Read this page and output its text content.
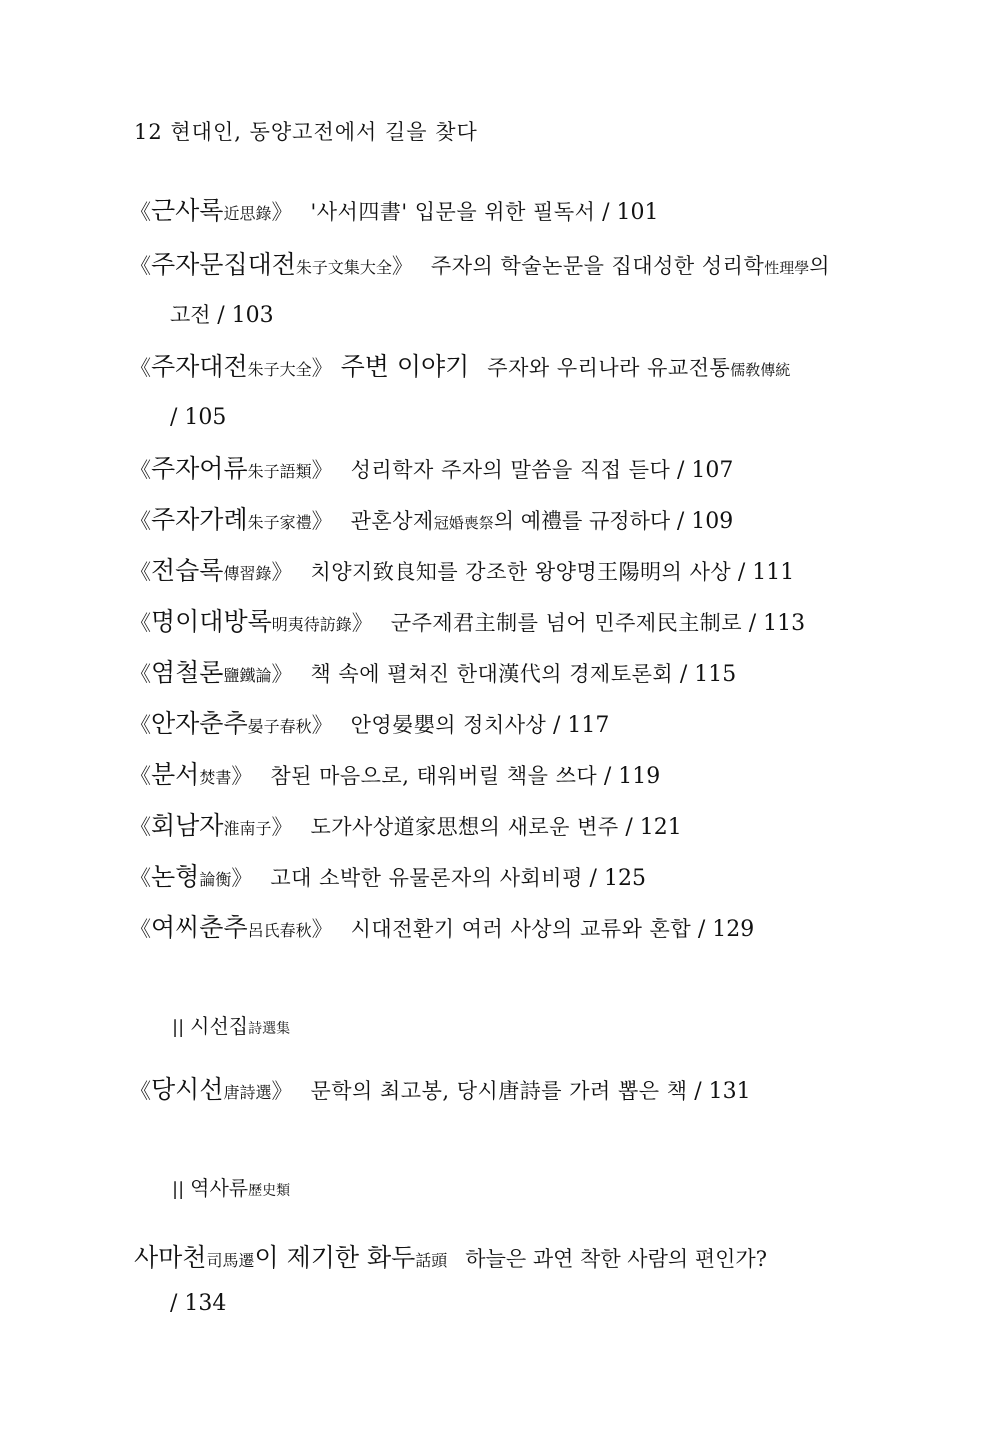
12 현대인, 동양고전에서 길을 찾다
《근사록近思錄》 '사서四書' 입문을 위한 필독서 / 101
《주자문집대전朱子文集大全》 주자의 학술논문을 집대성한 성리학性理學의
고전 / 103
《주자대전朱子大全》 주변 이야기 주자와 우리나라 유교전통儒敎傳統
/ 105
《주자어류朱子語類》 성리학자 주자의 말씀을 직접 듣다 / 107
《주자가례朱子家禮》 관혼상제冠婚喪祭의 예禮를 규정하다 / 109
《전습록傳習錄》 치양지致良知를 강조한 왕양명王陽明의 사상 / 111
《명이대방록明夷待訪錄》 군주제君主制를 넘어 민주제民主制로 / 113
《염철론鹽鐵論》 책 속에 펼쳐진 한대漢代의 경제토론회 / 115
《안자춘추晏子春秋》 안영晏嬰의 정치사상 / 117
《분서焚書》 참된 마음으로, 태워버릴 책을 쓰다 / 119
《회남자淮南子》 도가사상道家思想의 새로운 변주 / 121
《논형論衡》 고대 소박한 유물론자의 사회비평 / 125
《여씨춘추呂氏春秋》 시대전환기 여러 사상의 교류와 혼합 / 129
|| 시선집詩選集
《당시선唐詩選》 문학의 최고봉, 당시唐詩를 가려 뽑은 책 / 131
|| 역사류歷史類
사마천司馬遷이 제기한 화두話頭 하늘은 과연 착한 사람의 편인가?
/ 134
